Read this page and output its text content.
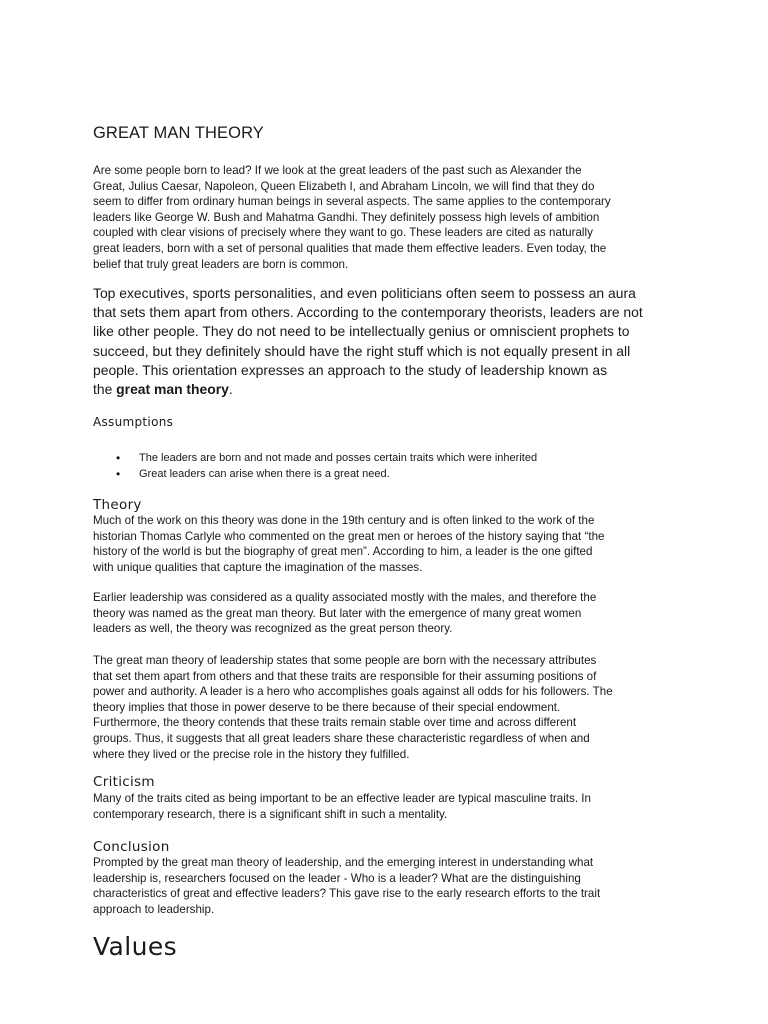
GREAT MAN THEORY
Are some people born to lead? If we look at the great leaders of the past such as Alexander the
Great, Julius Caesar, Napoleon, Queen Elizabeth I, and Abraham Lincoln, we will find that they do
seem to differ from ordinary human beings in several aspects. The same applies to the contemporary
leaders like George W. Bush and Mahatma Gandhi. They definitely possess high levels of ambition
coupled with clear visions of precisely where they want to go. These leaders are cited as naturally
great leaders, born with a set of personal qualities that made them effective leaders. Even today, the
belief that truly great leaders are born is common.
Top executives, sports personalities, and even politicians often seem to possess an aura
that sets them apart from others. According to the contemporary theorists, leaders are not
like other people. They do not need to be intellectually genius or omniscient prophets to
succeed, but they definitely should have the right stuff which is not equally present in all
people. This orientation expresses an approach to the study of leadership known as
the great man theory.
Assumptions
• The leaders are born and not made and posses certain traits which were inherited
• Great leaders can arise when there is a great need.
Theory
Much of the work on this theory was done in the 19th century and is often linked to the work of the
historian Thomas Carlyle who commented on the great men or heroes of the history saying that “the
history of the world is but the biography of great men”. According to him, a leader is the one gifted
with unique qualities that capture the imagination of the masses.
Earlier leadership was considered as a quality associated mostly with the males, and therefore the
theory was named as the great man theory. But later with the emergence of many great women
leaders as well, the theory was recognized as the great person theory.
The great man theory of leadership states that some people are born with the necessary attributes
that set them apart from others and that these traits are responsible for their assuming positions of
power and authority. A leader is a hero who accomplishes goals against all odds for his followers. The
theory implies that those in power deserve to be there because of their special endowment.
Furthermore, the theory contends that these traits remain stable over time and across different
groups. Thus, it suggests that all great leaders share these characteristic regardless of when and
where they lived or the precise role in the history they fulfilled.
Criticism
Many of the traits cited as being important to be an effective leader are typical masculine traits. In
contemporary research, there is a significant shift in such a mentality.
Conclusion
Prompted by the great man theory of leadership, and the emerging interest in understanding what
leadership is, researchers focused on the leader - Who is a leader? What are the distinguishing
characteristics of great and effective leaders? This gave rise to the early research efforts to the trait
approach to leadership.
Values
